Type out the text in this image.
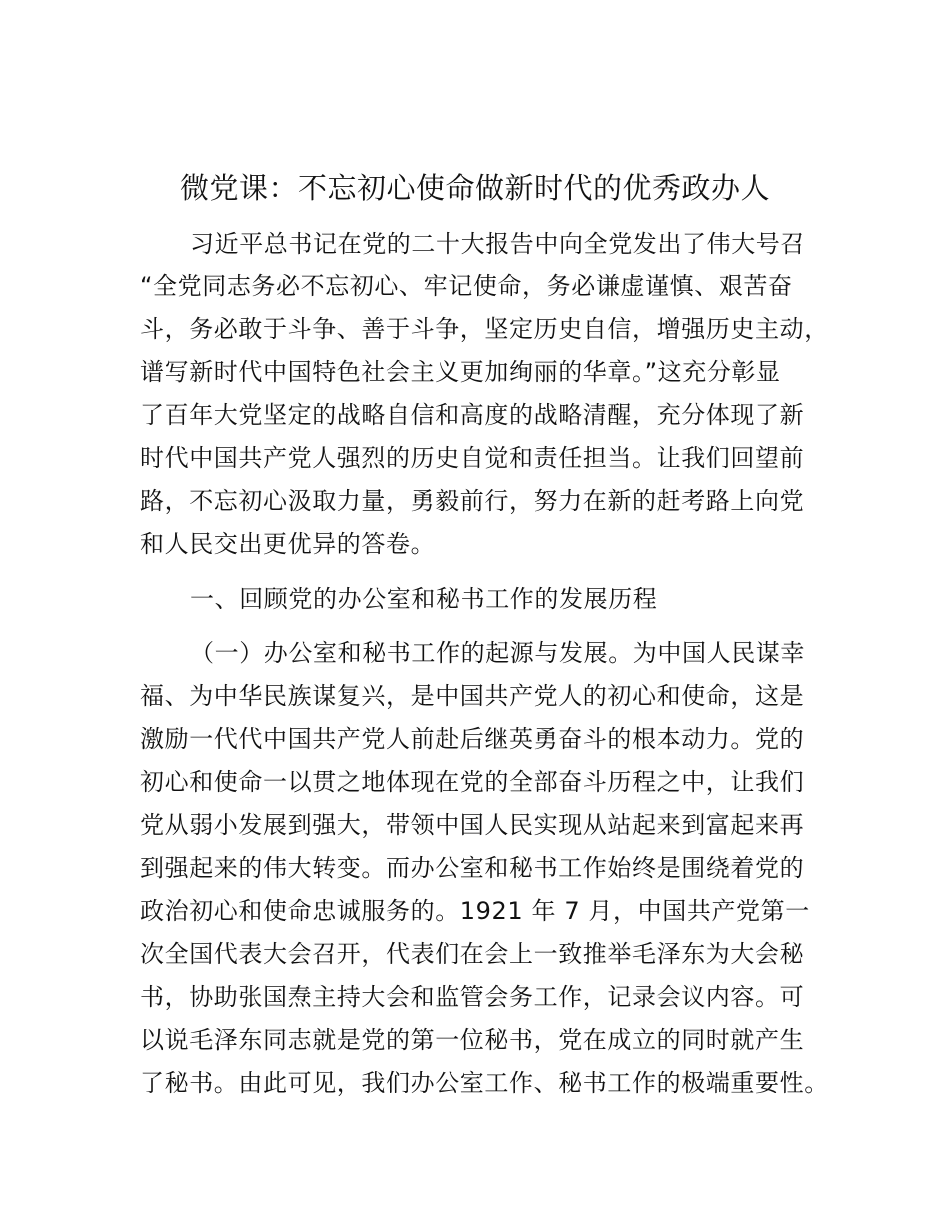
微党课：不忘初心使命做新时代的优秀政办人

习近平总书记在党的二十大报告中向全党发出了伟大号召

“全党同志务必不忘初心、牢记使命，务必谦虚谨慎、艰苦奋

斗，务必敢于斗争、善于斗争，坚定历史自信，增强历史主动，

谱写新时代中国特色社会主义更加绚丽的华章。”这充分彰显

了百年大党坚定的战略自信和高度的战略清醒，充分体现了新

时代中国共产党人强烈的历史自觉和责任担当。让我们回望前

路，不忘初心汲取力量，勇毅前行，努力在新的赶考路上向党

和人民交出更优异的答卷。

一、回顾党的办公室和秘书工作的发展历程

（一）办公室和秘书工作的起源与发展。为中国人民谋幸

福、为中华民族谋复兴，是中国共产党人的初心和使命，这是

激励一代代中国共产党人前赴后继英勇奋斗的根本动力。党的

初心和使命一以贯之地体现在党的全部奋斗历程之中，让我们

党从弱小发展到强大，带领中国人民实现从站起来到富起来再

到强起来的伟大转变。而办公室和秘书工作始终是围绕着党的

政治初心和使命忠诚服务的。1921 年 7 月，中国共产党第一

次全国代表大会召开，代表们在会上一致推举毛泽东为大会秘

书，协助张国焘主持大会和监管会务工作，记录会议内容。可

以说毛泽东同志就是党的第一位秘书，党在成立的同时就产生

了秘书。由此可见，我们办公室工作、秘书工作的极端重要性。
